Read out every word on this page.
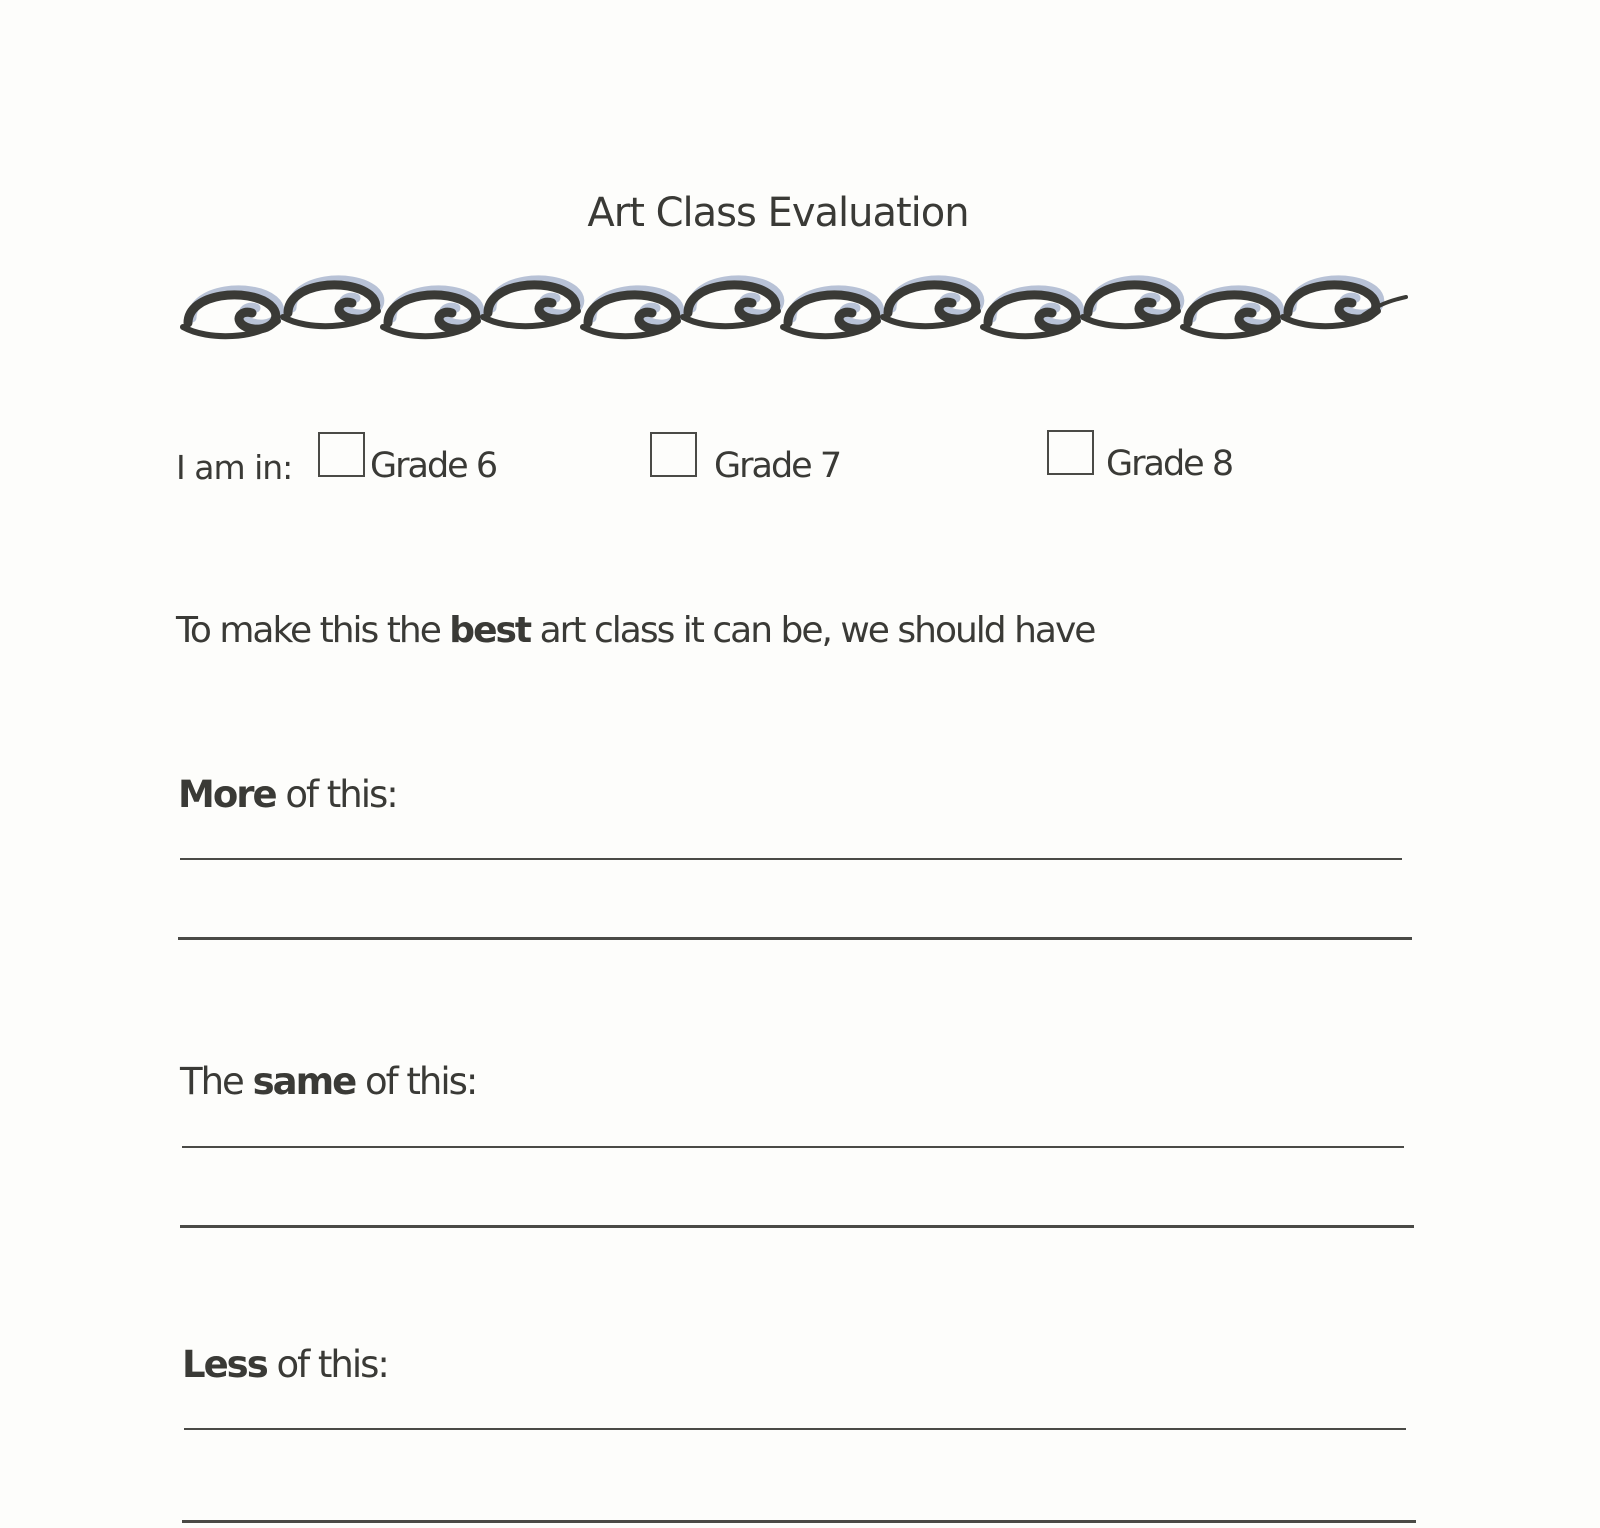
Art Class Evaluation
I am in: Grade 6	Grade 7	Grade 8
To make this the best art class it can be, we should have
More of this:
The same of this:
Less of this:
